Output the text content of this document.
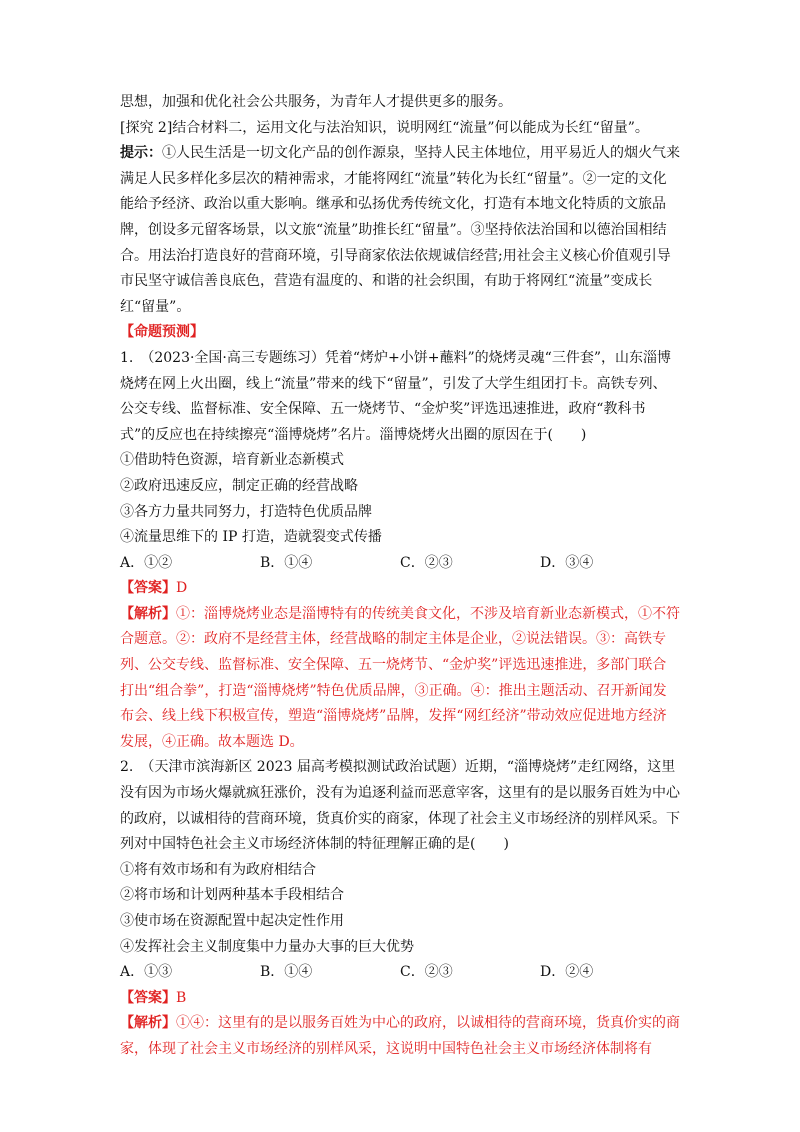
思想，加强和优化社会公共服务，为青年人才提供更多的服务。

[探究 2]结合材料二，运用文化与法治知识，说明网红“流量”何以能成为长红“留量”。

提示：①人民生活是一切文化产品的创作源泉，坚持人民主体地位，用平易近人的烟火气来满足人民多样化多层次的精神需求，才能将网红“流量”转化为长红“留量”。②一定的文化能给予经济、政治以重大影响。继承和弘扬优秀传统文化，打造有本地文化特质的文旅品牌，创设多元留客场景，以文旅“流量”助推长红“留量”。③坚持依法治国和以德治国相结合。用法治打造良好的营商环境，引导商家依法依规诚信经营;用社会主义核心价值观引导市民坚守诚信善良底色，营造有温度的、和谐的社会织围，有助于将网红“流量”变成长红“留量”。

【命题预测】

1.　（2023·全国·高三专题练习）凭着“烤炉+小饼+蘸料”的烧烤灵魂“三件套”，山东淄博烧烤在网上火出圈，线上“流量”带来的线下“留量”，引发了大学生组团打卡。高铁专列、公交专线、监督标准、安全保障、五一烧烤节、“金炉奖”评选迅速推进，政府“教科书式”的反应也在持续擦亮“淄博烧烤”名片。淄博烧烤火出圈的原因在于(　　)

①借助特色资源，培育新业态新模式

②政府迅速反应，制定正确的经营战略

③各方力量共同努力，打造特色优质品牌

④流量思维下的 IP 打造，造就裂变式传播

A．①②	B．①④	C．②③	D．③④

【答案】D

【解析】①：淄博烧烤业态是淄博特有的传统美食文化，不涉及培育新业态新模式，①不符合题意。②：政府不是经营主体，经营战略的制定主体是企业，②说法错误。③：高铁专列、公交专线、监督标准、安全保障、五一烧烤节、“金炉奖”评选迅速推进，多部门联合打出“组合拳”，打造“淄博烧烤”特色优质品牌，③正确。④：推出主题活动、召开新闻发布会、线上线下积极宣传，塑造“淄博烧烤”品牌，发挥“网红经济”带动效应促进地方经济发展，④正确。故本题选 D。

2.　（天津市滨海新区 2023 届高考模拟测试政治试题）近期，“淄博烧烤”走红网络，这里没有因为市场火爆就疯狂涨价，没有为追逐利益而恶意宰客，这里有的是以服务百姓为中心的政府，以诚相待的营商环境，货真价实的商家，体现了社会主义市场经济的别样风采。下列对中国特色社会主义市场经济体制的特征理解正确的是(　　)

①将有效市场和有为政府相结合

②将市场和计划两种基本手段相结合

③使市场在资源配置中起决定性作用

④发挥社会主义制度集中力量办大事的巨大优势

A．①③	B．①④	C．②③	D．②④

【答案】B

【解析】①④：这里有的是以服务百姓为中心的政府，以诚相待的营商环境，货真价实的商家，体现了社会主义市场经济的别样风采，这说明中国特色社会主义市场经济体制将有
